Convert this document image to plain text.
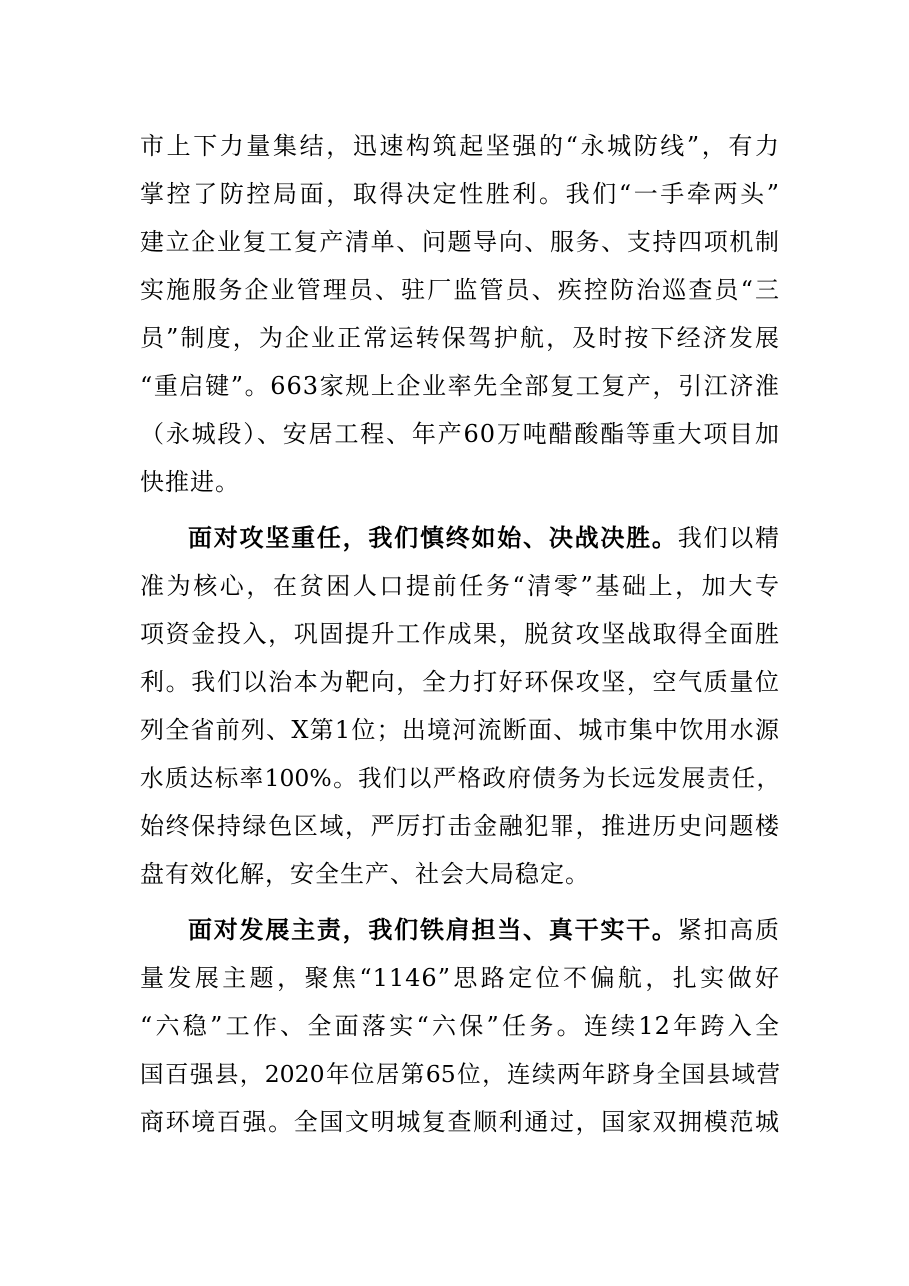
市上下力量集结，迅速构筑起坚强的“永城防线”，有力
掌控了防控局面，取得决定性胜利。我们“一手牵两头”
建立企业复工复产清单、问题导向、服务、支持四项机制
实施服务企业管理员、驻厂监管员、疾控防治巡查员“三
员”制度，为企业正常运转保驾护航，及时按下经济发展
“重启键”。663家规上企业率先全部复工复产，引江济淮
（永城段）、安居工程、年产60万吨醋酸酯等重大项目加
快推进。
面对攻坚重任，我们慎终如始、决战决胜。我们以精
准为核心，在贫困人口提前任务“清零”基础上，加大专
项资金投入，巩固提升工作成果，脱贫攻坚战取得全面胜
利。我们以治本为靶向，全力打好环保攻坚，空气质量位
列全省前列、X第1位；出境河流断面、城市集中饮用水源
水质达标率100%。我们以严格政府债务为长远发展责任，
始终保持绿色区域，严厉打击金融犯罪，推进历史问题楼
盘有效化解，安全生产、社会大局稳定。
面对发展主责，我们铁肩担当、真干实干。紧扣高质
量发展主题，聚焦“1146”思路定位不偏航，扎实做好
“六稳”工作、全面落实“六保”任务。连续12年跨入全
国百强县，2020年位居第65位，连续两年跻身全国县域营
商环境百强。全国文明城复查顺利通过，国家双拥模范城
